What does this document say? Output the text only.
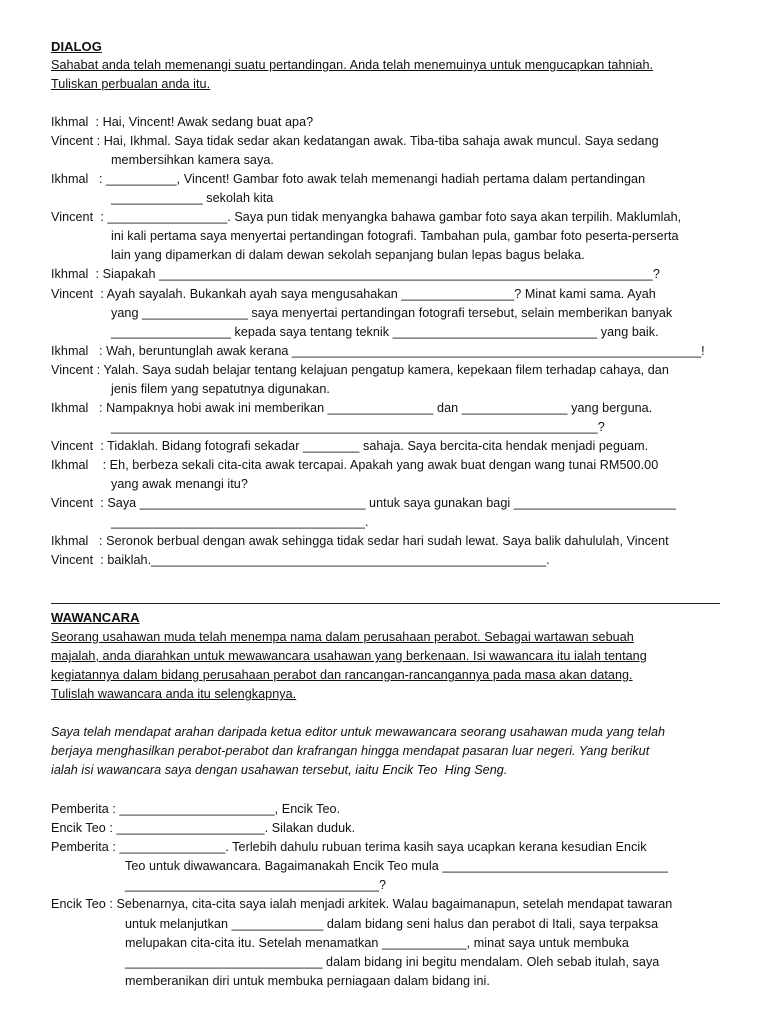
DIALOG
Sahabat anda telah memenangi suatu pertandingan. Anda telah menemuinya untuk mengucapkan tahniah.
Tuliskan perbualan anda itu.
Ikhmal  : Hai, Vincent! Awak sedang buat apa?
Vincent : Hai, Ikhmal. Saya tidak sedar akan kedatangan awak. Tiba-tiba sahaja awak muncul. Saya sedang
membersihkan kamera saya.
Ikhmal   : __________, Vincent! Gambar foto awak telah memenangi hadiah pertama dalam pertandingan
_____________ sekolah kita
Vincent  : _________________. Saya pun tidak menyangka bahawa gambar foto saya akan terpilih. Maklumlah,
ini kali pertama saya menyertai pertandingan fotografi. Tambahan pula, gambar foto peserta-perserta
lain yang dipamerkan di dalam dewan sekolah sepanjang bulan lepas bagus belaka.
Ikhmal  : Siapakah ______________________________________________________________________?
Vincent  : Ayah sayalah. Bukankah ayah saya mengusahakan ________________? Minat kami sama. Ayah
yang _______________ saya menyertai pertandingan fotografi tersebut, selain memberikan banyak
_________________ kepada saya tentang teknik _____________________________ yang baik.
Ikhmal   : Wah, beruntunglah awak kerana __________________________________________________________!
Vincent : Yalah. Saya sudah belajar tentang kelajuan pengatup kamera, kepekaan filem terhadap cahaya, dan
jenis filem yang sepatutnya digunakan.
Ikhmal   : Nampaknya hobi awak ini memberikan _______________ dan _______________ yang berguna.
_____________________________________________________________________?
Vincent  : Tidaklah. Bidang fotografi sekadar ________ sahaja. Saya bercita-cita hendak menjadi peguam.
Ikhmal    : Eh, berbeza sekali cita-cita awak tercapai. Apakah yang awak buat dengan wang tunai RM500.00
yang awak menangi itu?
Vincent  : Saya ________________________________ untuk saya gunakan bagi _______________________
____________________________________.
Ikhmal   : Seronok berbual dengan awak sehingga tidak sedar hari sudah lewat. Saya balik dahululah, Vincent
Vincent  : baiklah.________________________________________________________.
WAWANCARA
Seorang usahawan muda telah menempa nama dalam perusahaan perabot. Sebagai wartawan sebuah
majalah, anda diarahkan untuk mewawancara usahawan yang berkenaan. Isi wawancara itu ialah tentang
kegiatannya dalam bidang perusahaan perabot dan rancangan-rancangannya pada masa akan datang.
Tulislah wawancara anda itu selengkapnya.
Saya telah mendapat arahan daripada ketua editor untuk mewawancara seorang usahawan muda yang telah
berjaya menghasilkan perabot-perabot dan krafrangan hingga mendapat pasaran luar negeri. Yang berikut
ialah isi wawancara saya dengan usahawan tersebut, iaitu Encik Teo  Hing Seng.
Pemberita : ______________________, Encik Teo.
Encik Teo : _____________________. Silakan duduk.
Pemberita : _______________. Terlebih dahulu rubuan terima kasih saya ucapkan kerana kesudian Encik
Teo untuk diwawancara. Bagaimanakah Encik Teo mula ________________________________
____________________________________?
Encik Teo : Sebenarnya, cita-cita saya ialah menjadi arkitek. Walau bagaimanapun, setelah mendapat tawaran
untuk melanjutkan _____________ dalam bidang seni halus dan perabot di Itali, saya terpaksa
melupakan cita-cita itu. Setelah menamatkan ____________, minat saya untuk membuka
____________________________ dalam bidang ini begitu mendalam. Oleh sebab itulah, saya
memberanikan diri untuk membuka perniagaan dalam bidang ini.
